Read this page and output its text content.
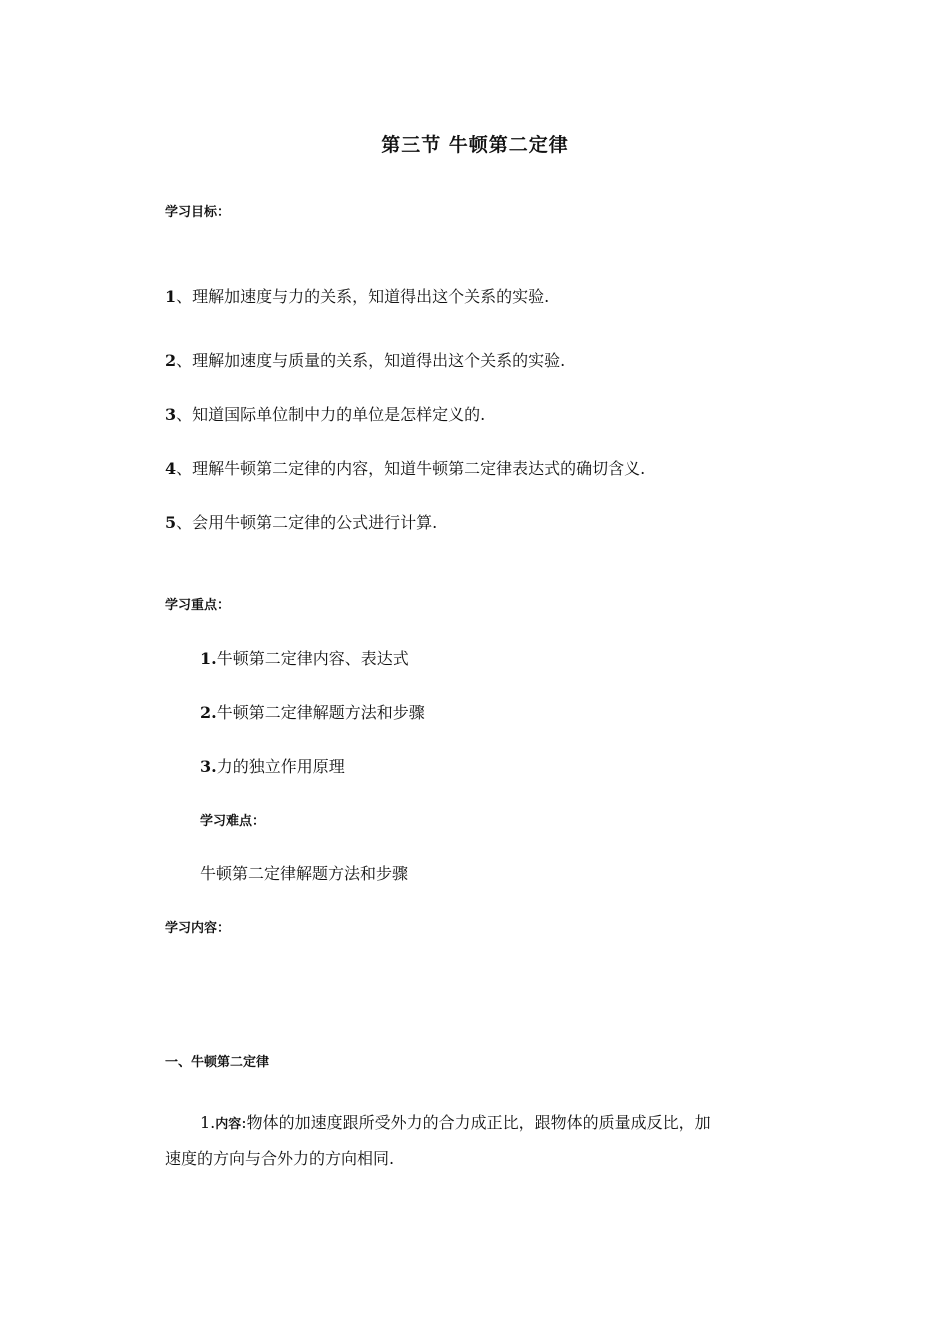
第三节 牛顿第二定律
学习目标：
1、理解加速度与力的关系，知道得出这个关系的实验.
2、理解加速度与质量的关系，知道得出这个关系的实验.
3、知道国际单位制中力的单位是怎样定义的.
4、理解牛顿第二定律的内容，知道牛顿第二定律表达式的确切含义.
5、会用牛顿第二定律的公式进行计算.
学习重点：
1.牛顿第二定律内容、表达式
2.牛顿第二定律解题方法和步骤
3.力的独立作用原理
学习难点：
牛顿第二定律解题方法和步骤
学习内容：
一、牛顿第二定律
1.内容:物体的加速度跟所受外力的合力成正比，跟物体的质量成反比，加
速度的方向与合外力的方向相同.
